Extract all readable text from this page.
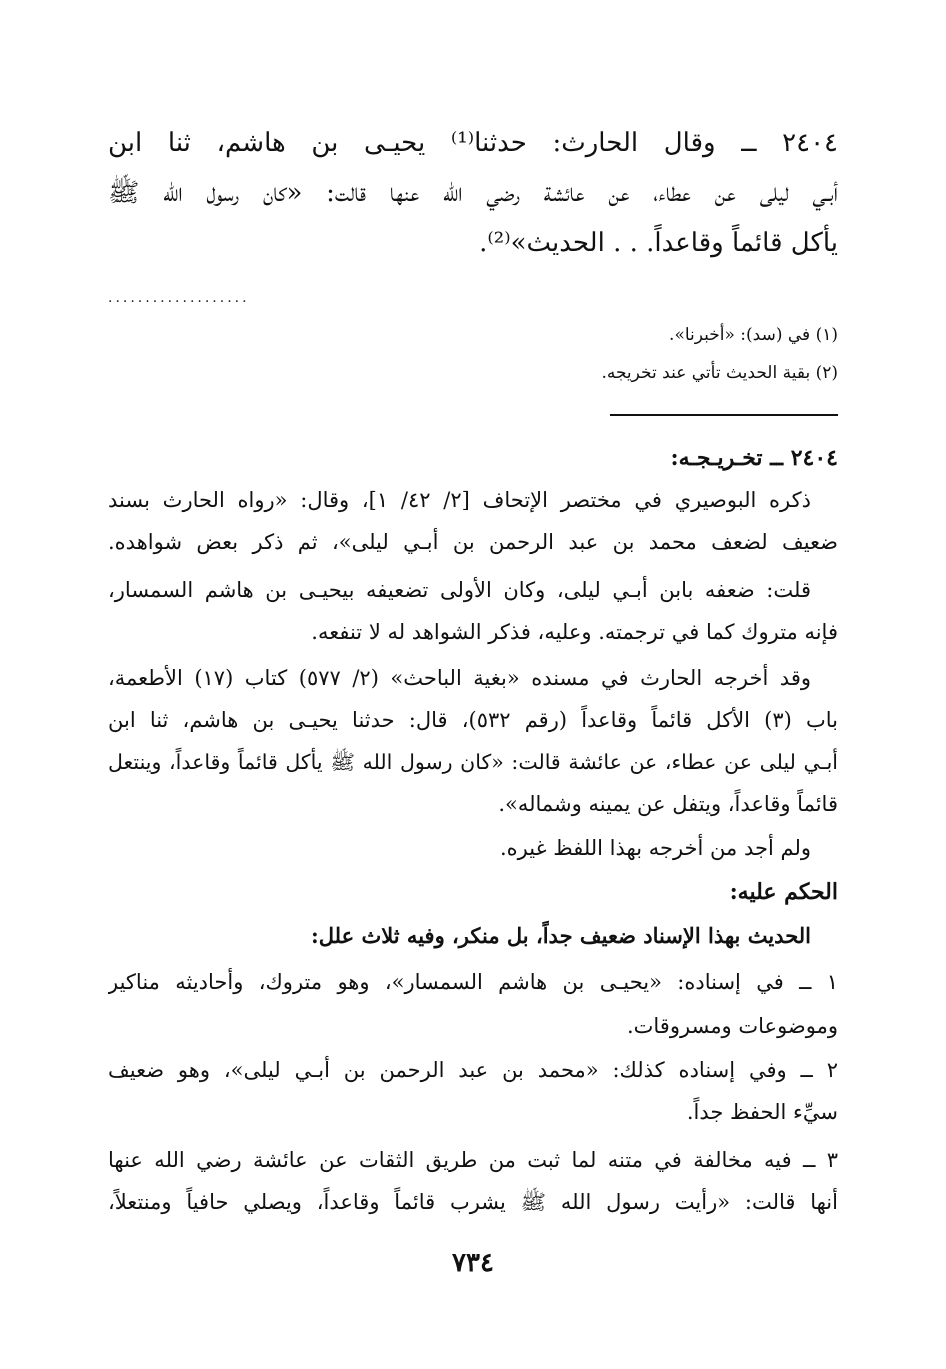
٢٤٠٤ ــ وقال الحارث: حدثنا⁽¹⁾ يحيـى بن هاشم، ثنا ابن
أبـي ليلى عن عطاء، عن عائشة رضي الله عنها قالت: «كان رسول الله ﷺ
يأكل قائماً وقاعداً. . . الحديث»⁽²⁾.
...................
(١) في (سد): «أخبرنا».
(٢) بقية الحديث تأتي عند تخريجه.
٢٤٠٤ ــ تخـريـجـه:
ذكره البوصيري في مختصر الإتحاف [٢/ ٤٢/ ١]، وقال: «رواه الحارث بسند
ضعيف لضعف محمد بن عبد الرحمن بن أبـي ليلى»، ثم ذكر بعض شواهده.
قلت: ضعفه بابن أبـي ليلى، وكان الأولى تضعيفه بيحيـى بن هاشم السمسار،
فإنه متروك كما في ترجمته. وعليه، فذكر الشواهد له لا تنفعه.
وقد أخرجه الحارث في مسنده «بغية الباحث» (٢/ ٥٧٧) كتاب (١٧) الأطعمة،
باب (٣) الأكل قائماً وقاعداً (رقم ٥٣٢)، قال: حدثنا يحيـى بن هاشم، ثنا ابن
أبـي ليلى عن عطاء، عن عائشة قالت: «كان رسول الله ﷺ يأكل قائماً وقاعداً، وينتعل
قائماً وقاعداً، ويتفل عن يمينه وشماله».
ولم أجد من أخرجه بهذا اللفظ غيره.
الحكم عليه:
الحديث بهذا الإسناد ضعيف جداً، بل منكر، وفيه ثلاث علل:
١ ــ في إسناده: «يحيـى بن هاشم السمسار»، وهو متروك، وأحاديثه مناكير
وموضوعات ومسروقات.
٢ ــ وفي إسناده كذلك: «محمد بن عبد الرحمن بن أبـي ليلى»، وهو ضعيف
سيِّء الحفظ جداً.
٣ ــ فيه مخالفة في متنه لما ثبت من طريق الثقات عن عائشة رضي الله عنها
أنها قالت: «رأيت رسول الله ﷺ يشرب قائماً وقاعداً، ويصلي حافياً ومنتعلاً،
٧٣٤
